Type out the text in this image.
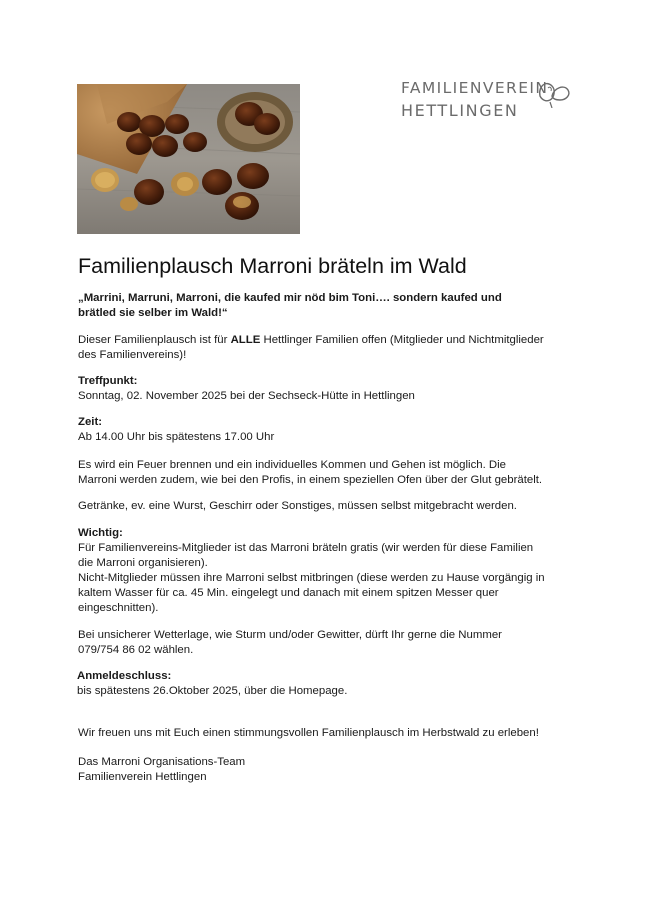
FAMILIENVEREIN
HETTLINGEN
Familienplausch Marroni bräteln im Wald

„Marrini, Marruni, Marroni, die kaufed mir nöd bim Toni…. sondern kaufed und

brätled sie selber im Wald!“

Dieser Familienplausch ist für ALLE Hettlinger Familien offen (Mitglieder und Nichtmitglieder

des Familienvereins)!

Treffpunkt:

Sonntag, 02. November 2025 bei der Sechseck-Hütte in Hettlingen

Zeit:

Ab 14.00 Uhr bis spätestens 17.00 Uhr

Es wird ein Feuer brennen und ein individuelles Kommen und Gehen ist möglich. Die

Marroni werden zudem, wie bei den Profis, in einem speziellen Ofen über der Glut gebrätelt.

Getränke, ev. eine Wurst, Geschirr oder Sonstiges, müssen selbst mitgebracht werden.

Wichtig:

Für Familienvereins-Mitglieder ist das Marroni bräteln gratis (wir werden für diese Familien

die Marroni organisieren).

Nicht-Mitglieder müssen ihre Marroni selbst mitbringen (diese werden zu Hause vorgängig in

kaltem Wasser für ca. 45 Min. eingelegt und danach mit einem spitzen Messer quer

eingeschnitten).

Bei unsicherer Wetterlage, wie Sturm und/oder Gewitter, dürft Ihr gerne die Nummer

079/754 86 02 wählen.

Anmeldeschluss:

bis spätestens 26.Oktober 2025, über die Homepage.

Wir freuen uns mit Euch einen stimmungsvollen Familienplausch im Herbstwald zu erleben!

Das Marroni Organisations-Team

Familienverein Hettlingen
